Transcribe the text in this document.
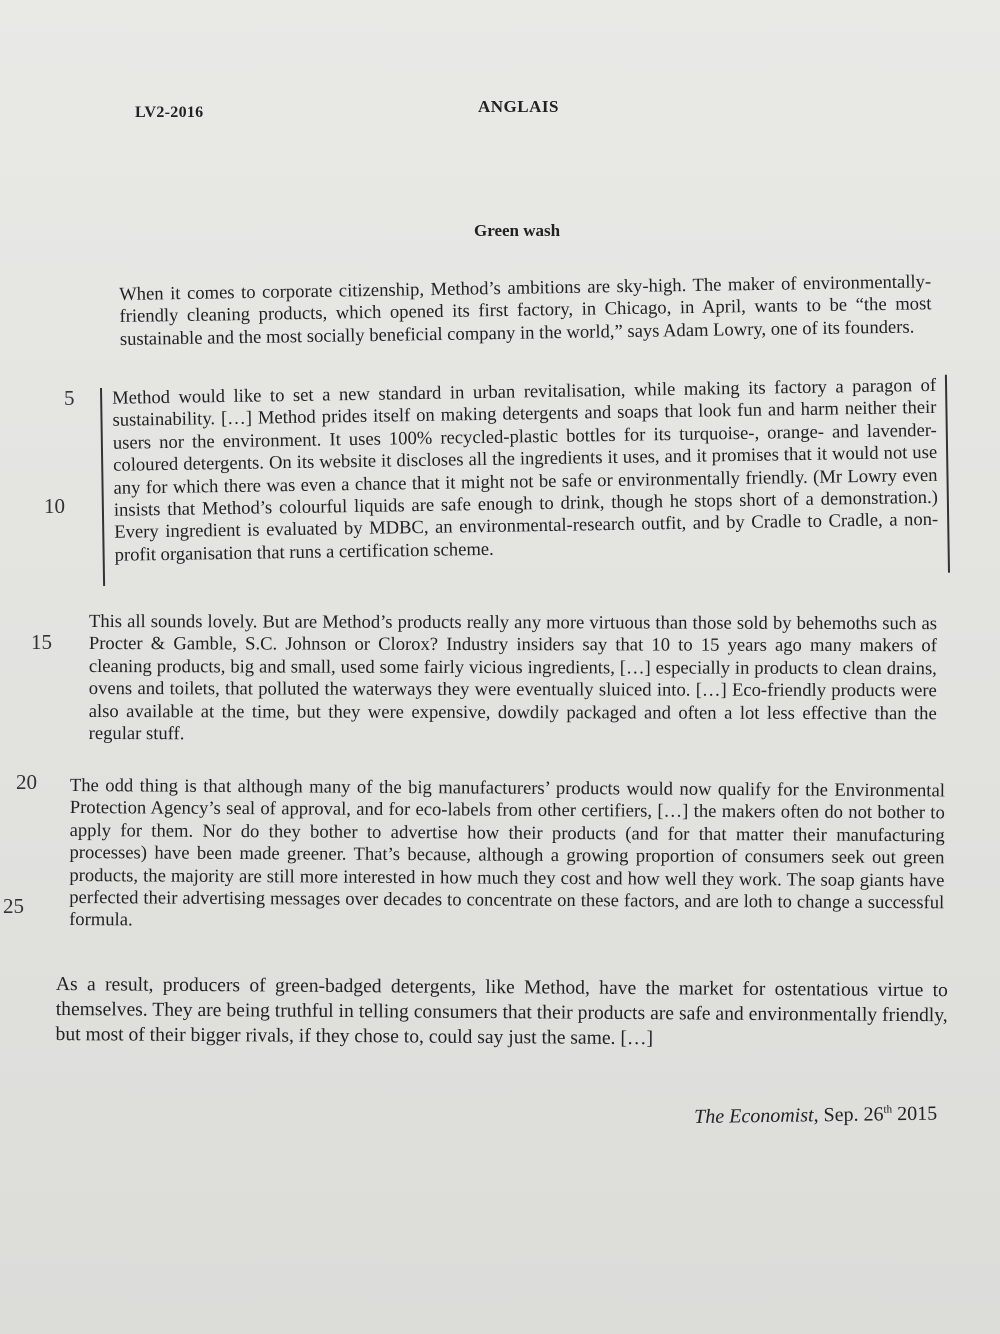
LV2-2016	ANGLAIS
Green wash

When it comes to corporate citizenship, Method’s ambitions are sky-high. The maker of environmentally-friendly cleaning products, which opened its first factory, in Chicago, in April, wants to be “the most sustainable and the most socially beneficial company in the world,” says Adam Lowry, one of its founders.

Method would like to set a new standard in urban revitalisation, while making its factory a paragon of sustainability. […] Method prides itself on making detergents and soaps that look fun and harm neither their users nor the environment. It uses 100% recycled-plastic bottles for its turquoise-, orange- and lavender-coloured detergents. On its website it discloses all the ingredients it uses, and it promises that it would not use any for which there was even a chance that it might not be safe or environmentally friendly. (Mr Lowry even insists that Method’s colourful liquids are safe enough to drink, though he stops short of a demonstration.) Every ingredient is evaluated by MDBC, an environmental-research outfit, and by Cradle to Cradle, a non-profit organisation that runs a certification scheme.

This all sounds lovely. But are Method’s products really any more virtuous than those sold by behemoths such as Procter & Gamble, S.C. Johnson or Clorox? Industry insiders say that 10 to 15 years ago many makers of cleaning products, big and small, used some fairly vicious ingredients, […] especially in products to clean drains, ovens and toilets, that polluted the waterways they were eventually sluiced into. […] Eco-friendly products were also available at the time, but they were expensive, dowdily packaged and often a lot less effective than the regular stuff.

The odd thing is that although many of the big manufacturers’ products would now qualify for the Environmental Protection Agency’s seal of approval, and for eco-labels from other certifiers, […] the makers often do not bother to apply for them. Nor do they bother to advertise how their products (and for that matter their manufacturing processes) have been made greener. That’s because, although a growing proportion of consumers seek out green products, the majority are still more interested in how much they cost and how well they work. The soap giants have perfected their advertising messages over decades to concentrate on these factors, and are loth to change a successful formula.

As a result, producers of green-badged detergents, like Method, have the market for ostentatious virtue to themselves. They are being truthful in telling consumers that their products are safe and environmentally friendly, but most of their bigger rivals, if they chose to, could say just the same. […]

5
10
15
20
25
The Economist, Sep. 26th 2015
